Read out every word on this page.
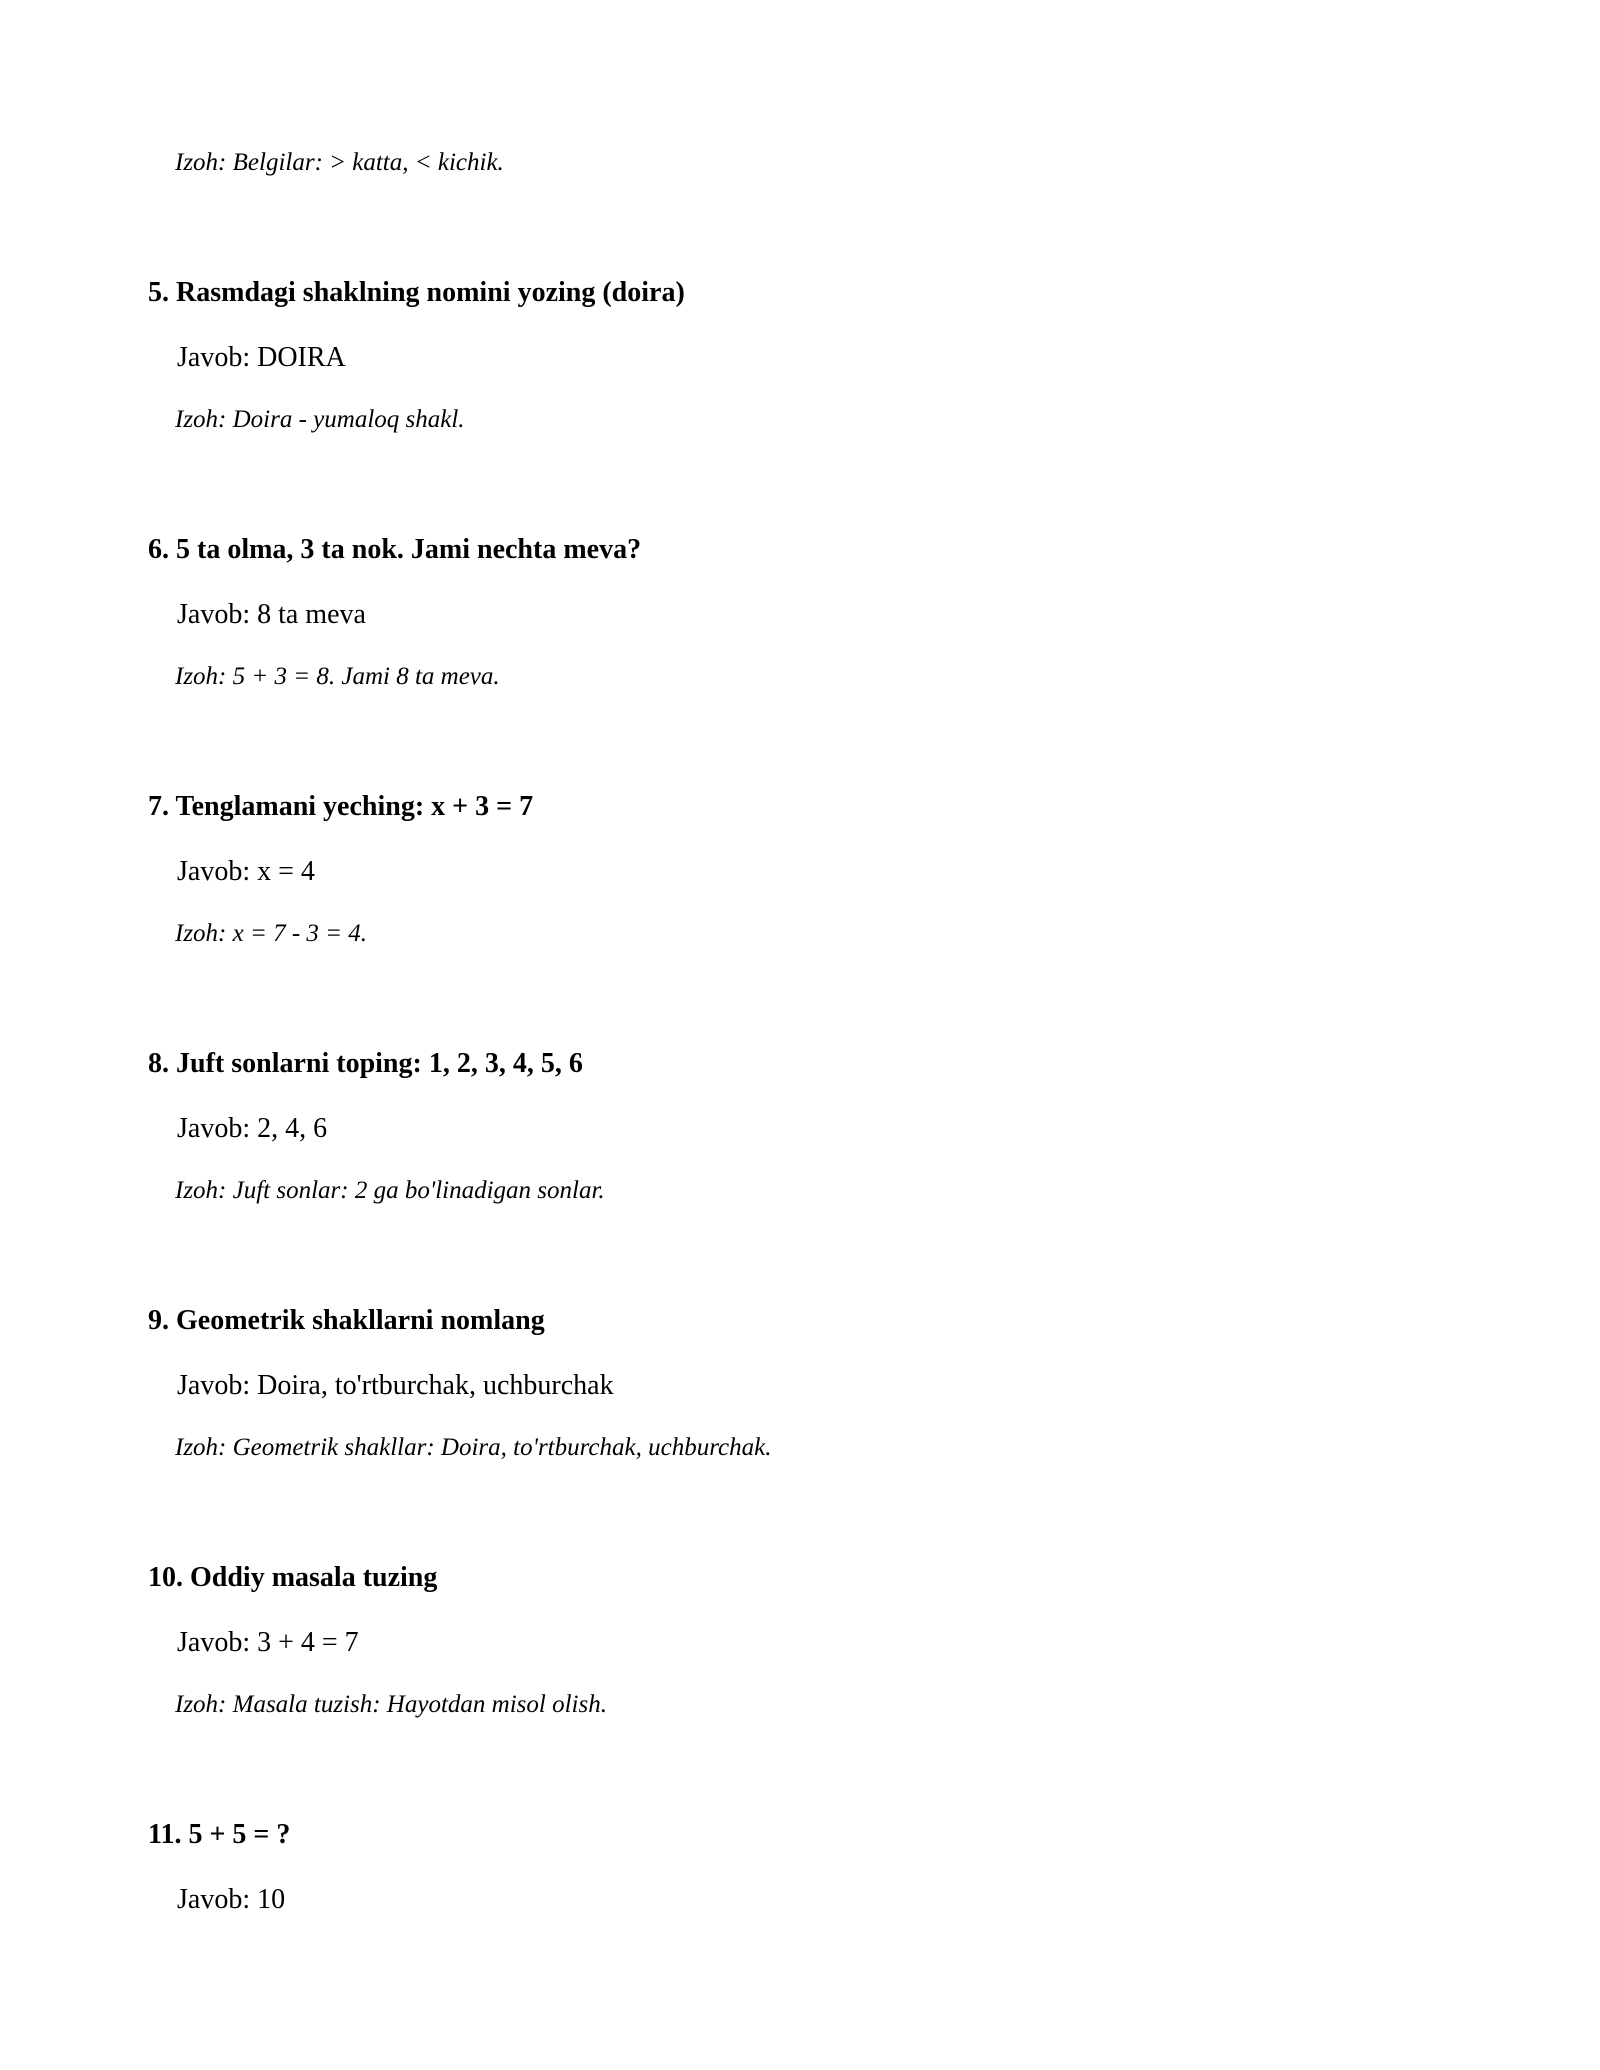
Izoh: Belgilar: > katta, < kichik.
5. Rasmdagi shaklning nomini yozing (doira)
Javob: DOIRA
Izoh: Doira - yumaloq shakl.
6. 5 ta olma, 3 ta nok. Jami nechta meva?
Javob: 8 ta meva
Izoh: 5 + 3 = 8. Jami 8 ta meva.
7. Tenglamani yeching: x + 3 = 7
Javob: x = 4
Izoh: x = 7 - 3 = 4.
8. Juft sonlarni toping: 1, 2, 3, 4, 5, 6
Javob: 2, 4, 6
Izoh: Juft sonlar: 2 ga bo'linadigan sonlar.
9. Geometrik shakllarni nomlang
Javob: Doira, to'rtburchak, uchburchak
Izoh: Geometrik shakllar: Doira, to'rtburchak, uchburchak.
10. Oddiy masala tuzing
Javob: 3 + 4 = 7
Izoh: Masala tuzish: Hayotdan misol olish.
11. 5 + 5 = ?
Javob: 10
